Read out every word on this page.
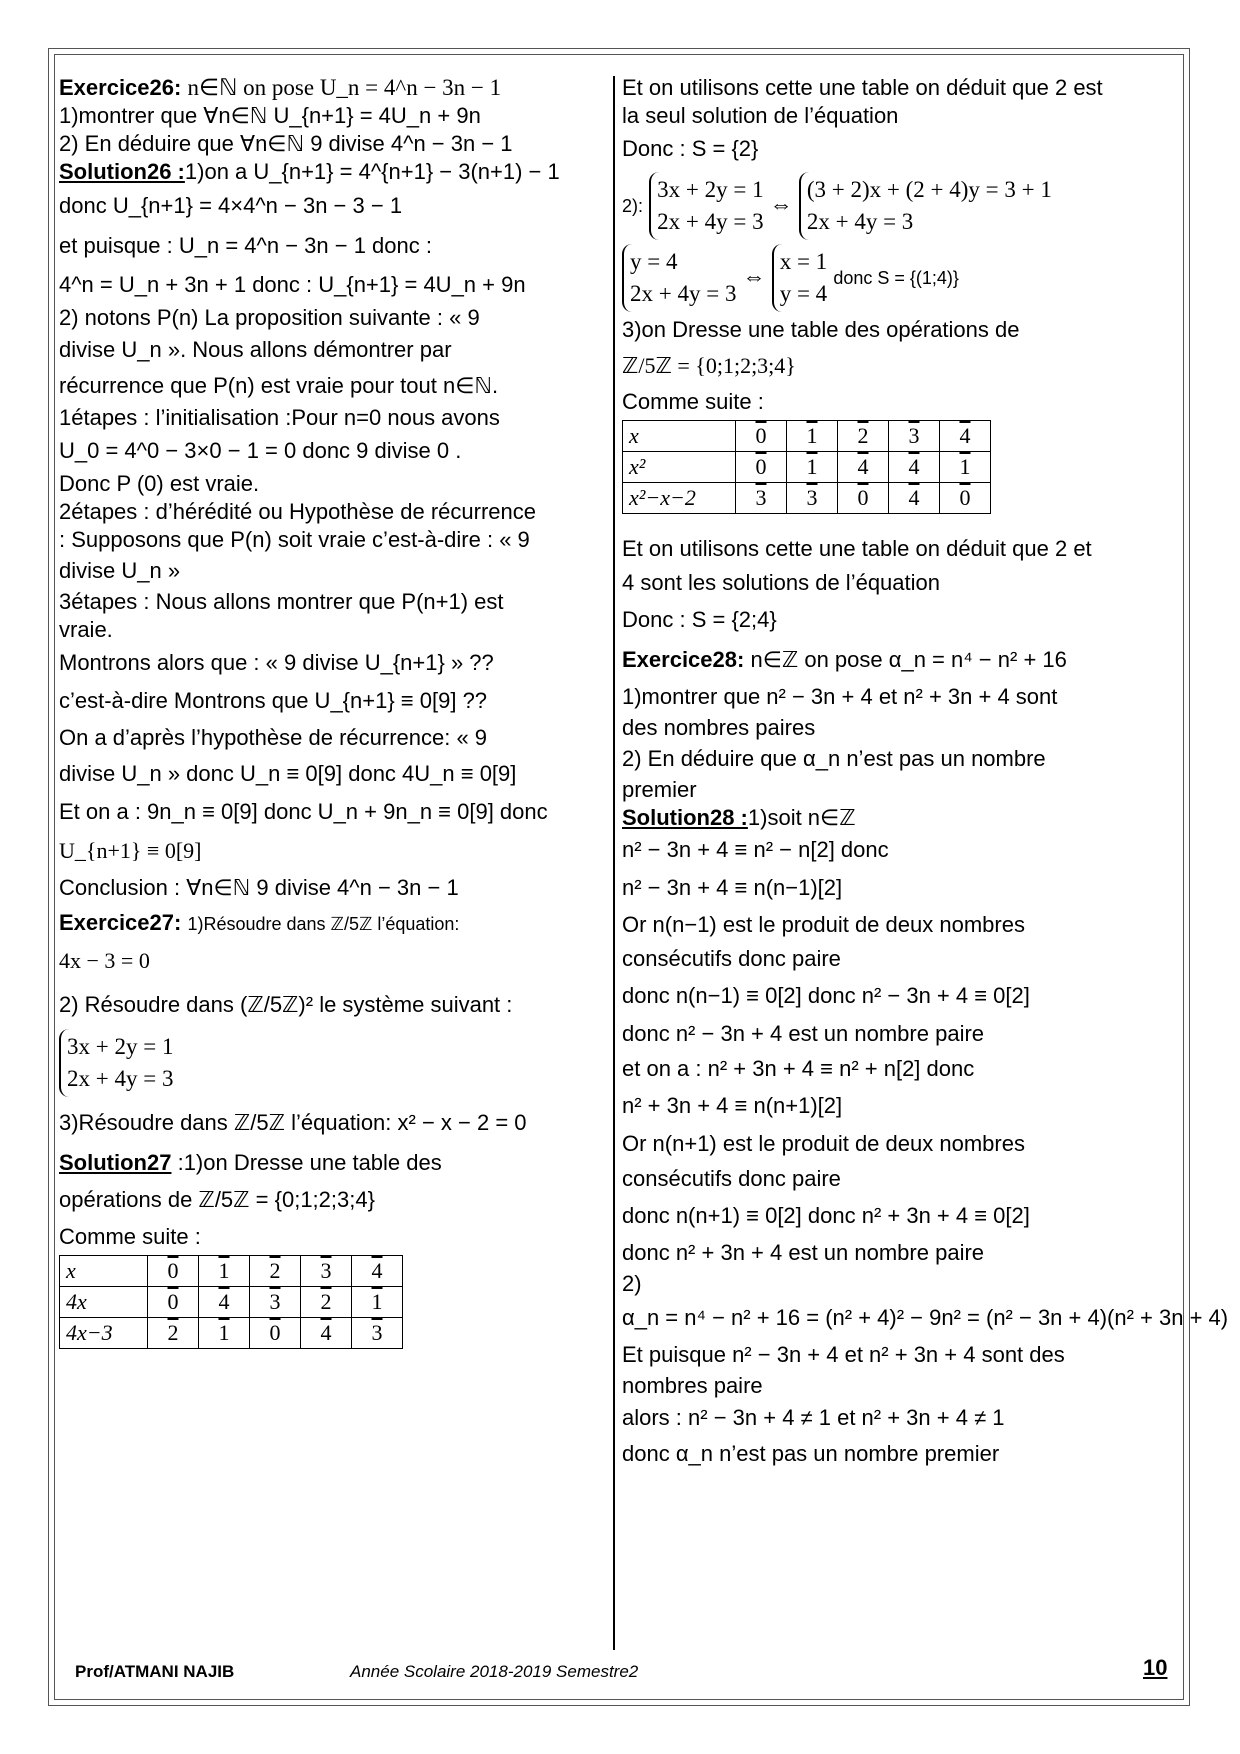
Exercice26: n∈ℕ on pose U_n = 4^n − 3n − 1
1)montrer que ∀n∈ℕ U_{n+1} = 4U_n + 9n
2) En déduire que ∀n∈ℕ 9 divise 4^n − 3n − 1
Solution26 :1)on a U_{n+1} = 4^{n+1} − 3(n+1) − 1
donc U_{n+1} = 4×4^n − 3n − 3 − 1
et puisque : U_n = 4^n − 3n − 1 donc :
4^n = U_n + 3n + 1 donc : U_{n+1} = 4U_n + 9n
2) notons P(n) La proposition suivante : « 9
divise U_n ». Nous allons démontrer par
récurrence que P(n) est vraie pour tout n∈ℕ.
1étapes : l’initialisation :Pour n=0 nous avons
U_0 = 4^0 − 3×0 − 1 = 0 donc 9 divise 0 .
Donc P (0) est vraie.
2étapes : d’hérédité ou Hypothèse de récurrence
: Supposons que P(n) soit vraie c’est-à-dire : « 9
divise U_n »
3étapes : Nous allons montrer que P(n+1) est
vraie.
Montrons alors que : « 9 divise U_{n+1} » ??
c’est-à-dire Montrons que U_{n+1} ≡ 0[9] ??
On a d’après l’hypothèse de récurrence: « 9
divise U_n » donc U_n ≡ 0[9] donc 4U_n ≡ 0[9]
Et on a : 9n_n ≡ 0[9] donc U_n + 9n_n ≡ 0[9] donc
U_{n+1} ≡ 0[9]
Conclusion : ∀n∈ℕ 9 divise 4^n − 3n − 1
Exercice27: 1)Résoudre dans ℤ/5ℤ l’équation:
4x − 3 = 0
2) Résoudre dans (ℤ/5ℤ)² le système suivant :
3x + 2y = 1
2x + 4y = 3
3)Résoudre dans ℤ/5ℤ l’équation: x² − x − 2 = 0
Solution27 :1)on Dresse une table des
opérations de ℤ/5ℤ = {0;1;2;3;4}
Comme suite :
x	0	1	2	3	4
4x	0	4	3	2	1
4x−3	2	1	0	4	3
Et on utilisons cette une table on déduit que 2 est
la seul solution de l’équation
Donc : S = {2}
2):
3x + 2y = 1
2x + 4y = 3
⇔
(3 + 2)x + (2 + 4)y = 3 + 1
2x + 4y = 3
y = 4
2x + 4y = 3
⇔
x = 1
y = 4
donc S = {(1;4)}
3)on Dresse une table des opérations de
ℤ/5ℤ = {0;1;2;3;4}
Comme suite :
x	0	1	2	3	4
x²	0	1	4	4	1
x²−x−2	3	3	0	4	0
Et on utilisons cette une table on déduit que 2 et
4 sont les solutions de l’équation
Donc : S = {2;4}
Exercice28: n∈ℤ on pose α_n = n⁴ − n² + 16
1)montrer que n² − 3n + 4 et n² + 3n + 4 sont
des nombres paires
2) En déduire que α_n n’est pas un nombre
premier
Solution28 :1)soit n∈ℤ
n² − 3n + 4 ≡ n² − n[2] donc
n² − 3n + 4 ≡ n(n−1)[2]
Or n(n−1) est le produit de deux nombres
consécutifs donc paire
donc n(n−1) ≡ 0[2] donc n² − 3n + 4 ≡ 0[2]
donc n² − 3n + 4 est un nombre paire
et on a : n² + 3n + 4 ≡ n² + n[2] donc
n² + 3n + 4 ≡ n(n+1)[2]
Or n(n+1) est le produit de deux nombres
consécutifs donc paire
donc n(n+1) ≡ 0[2] donc n² + 3n + 4 ≡ 0[2]
donc n² + 3n + 4 est un nombre paire
2)
α_n = n⁴ − n² + 16 = (n² + 4)² − 9n² = (n² − 3n + 4)(n² + 3n + 4)
Et puisque n² − 3n + 4 et n² + 3n + 4 sont des
nombres paire
alors : n² − 3n + 4 ≠ 1 et n² + 3n + 4 ≠ 1
donc α_n n’est pas un nombre premier
Prof/ATMANI NAJIB	Année Scolaire 2018-2019 Semestre2	10
